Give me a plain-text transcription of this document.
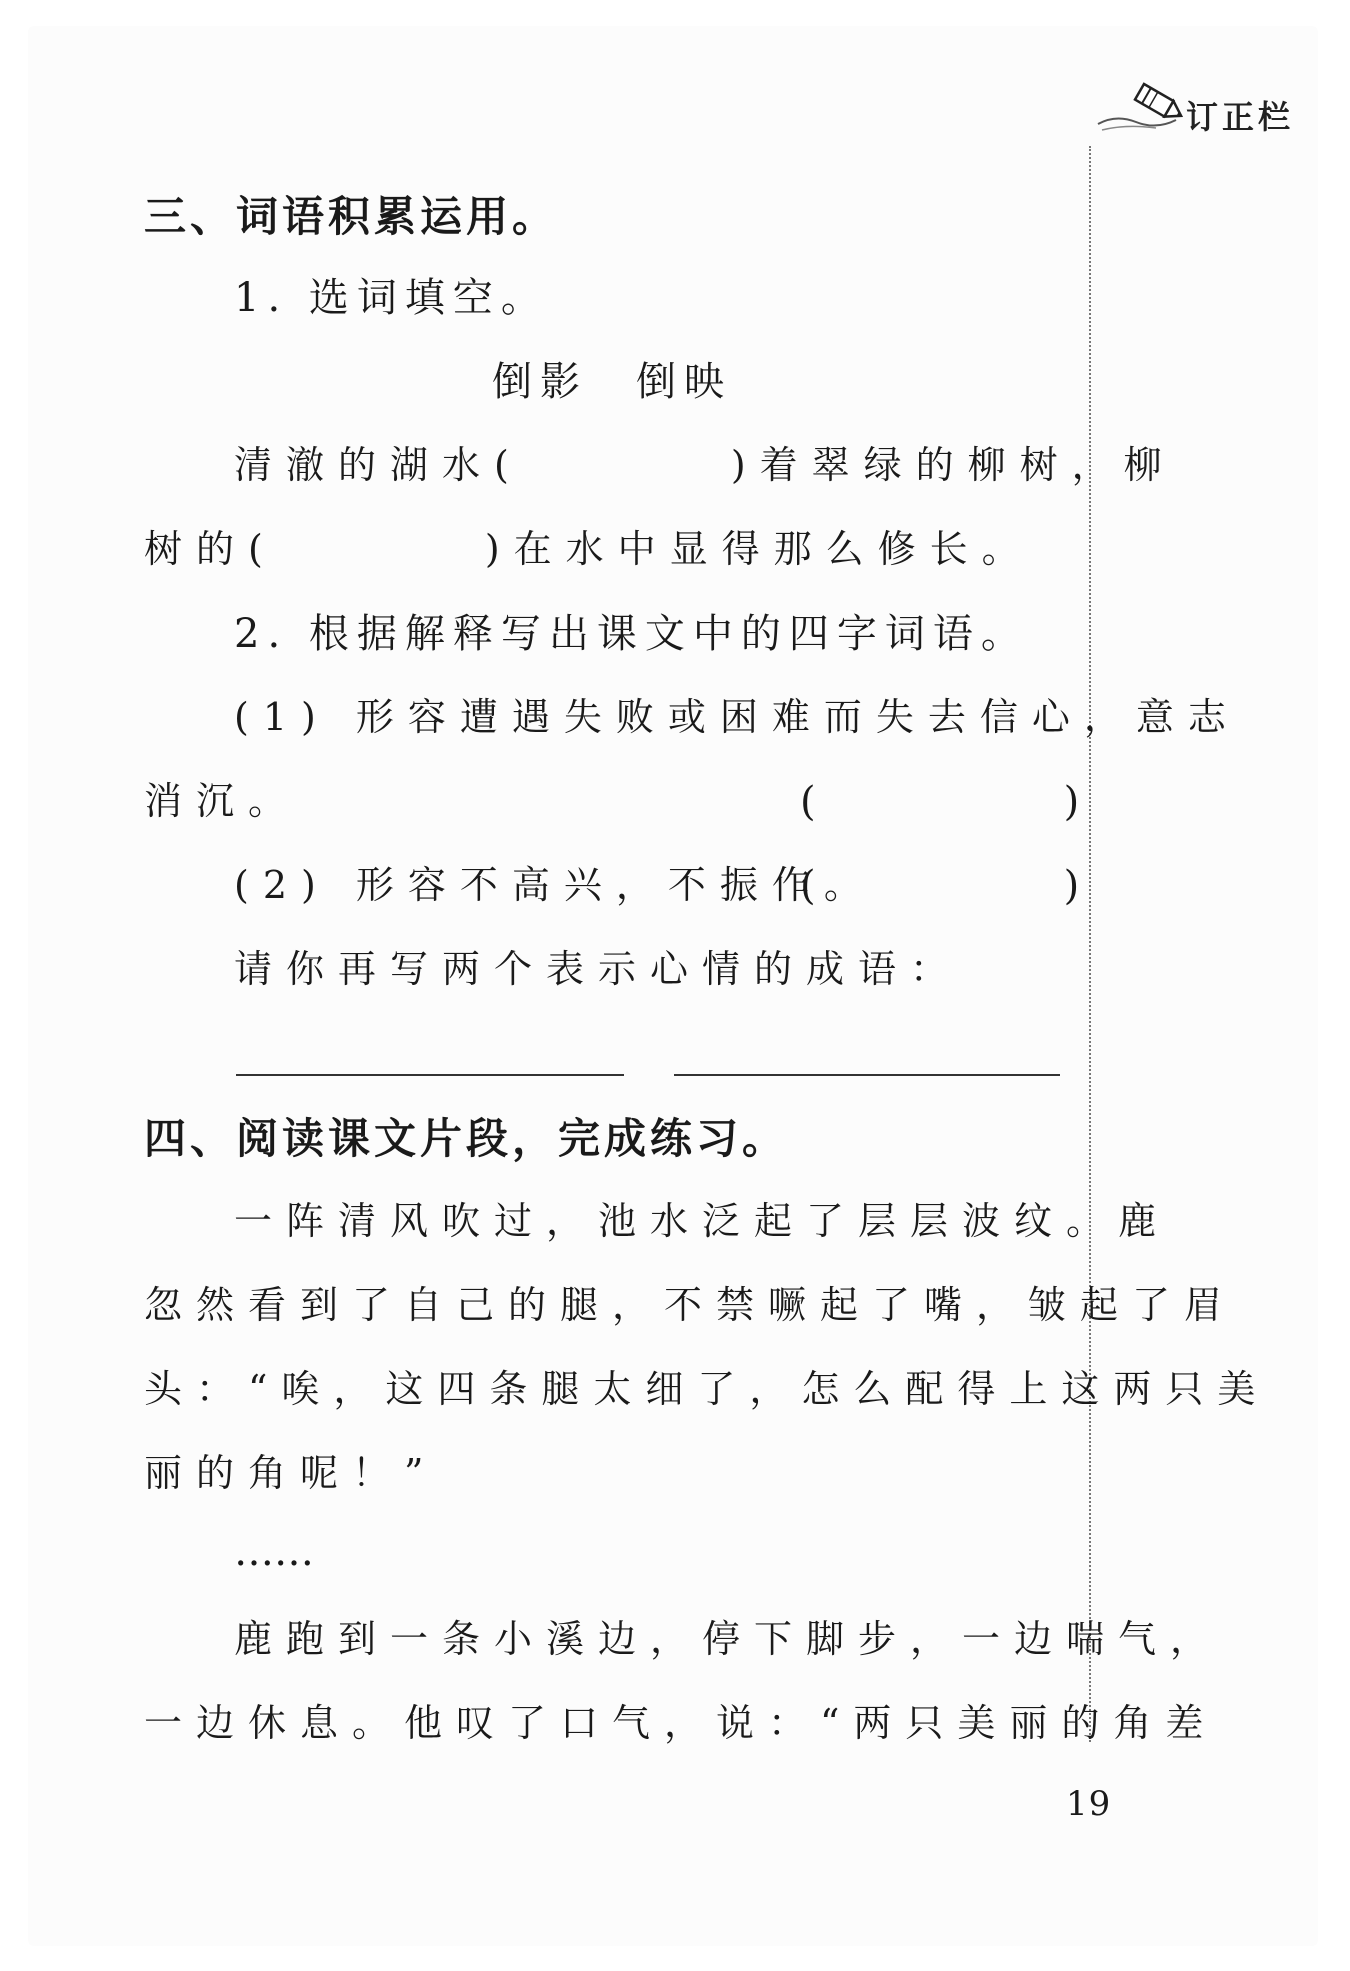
订正栏
三、词语积累运用。
1. 选词填空。
倒影　倒映
清澈的湖水(　　　　)着翠绿的柳树，柳
树的(　　　　)在水中显得那么修长。
2. 根据解释写出课文中的四字词语。
(1) 形容遭遇失败或困难而失去信心，意志
消沉。	(　　　　　)
(2) 形容不高兴，不振作。
(　　　　　)
请你再写两个表示心情的成语：
四、阅读课文片段，完成练习。
一阵清风吹过，池水泛起了层层波纹。鹿
忽然看到了自己的腿，不禁噘起了嘴，皱起了眉
头：“唉，这四条腿太细了，怎么配得上这两只美
丽的角呢！”
……
鹿跑到一条小溪边，停下脚步，一边喘气，
一边休息。他叹了口气，说：“两只美丽的角差
19
